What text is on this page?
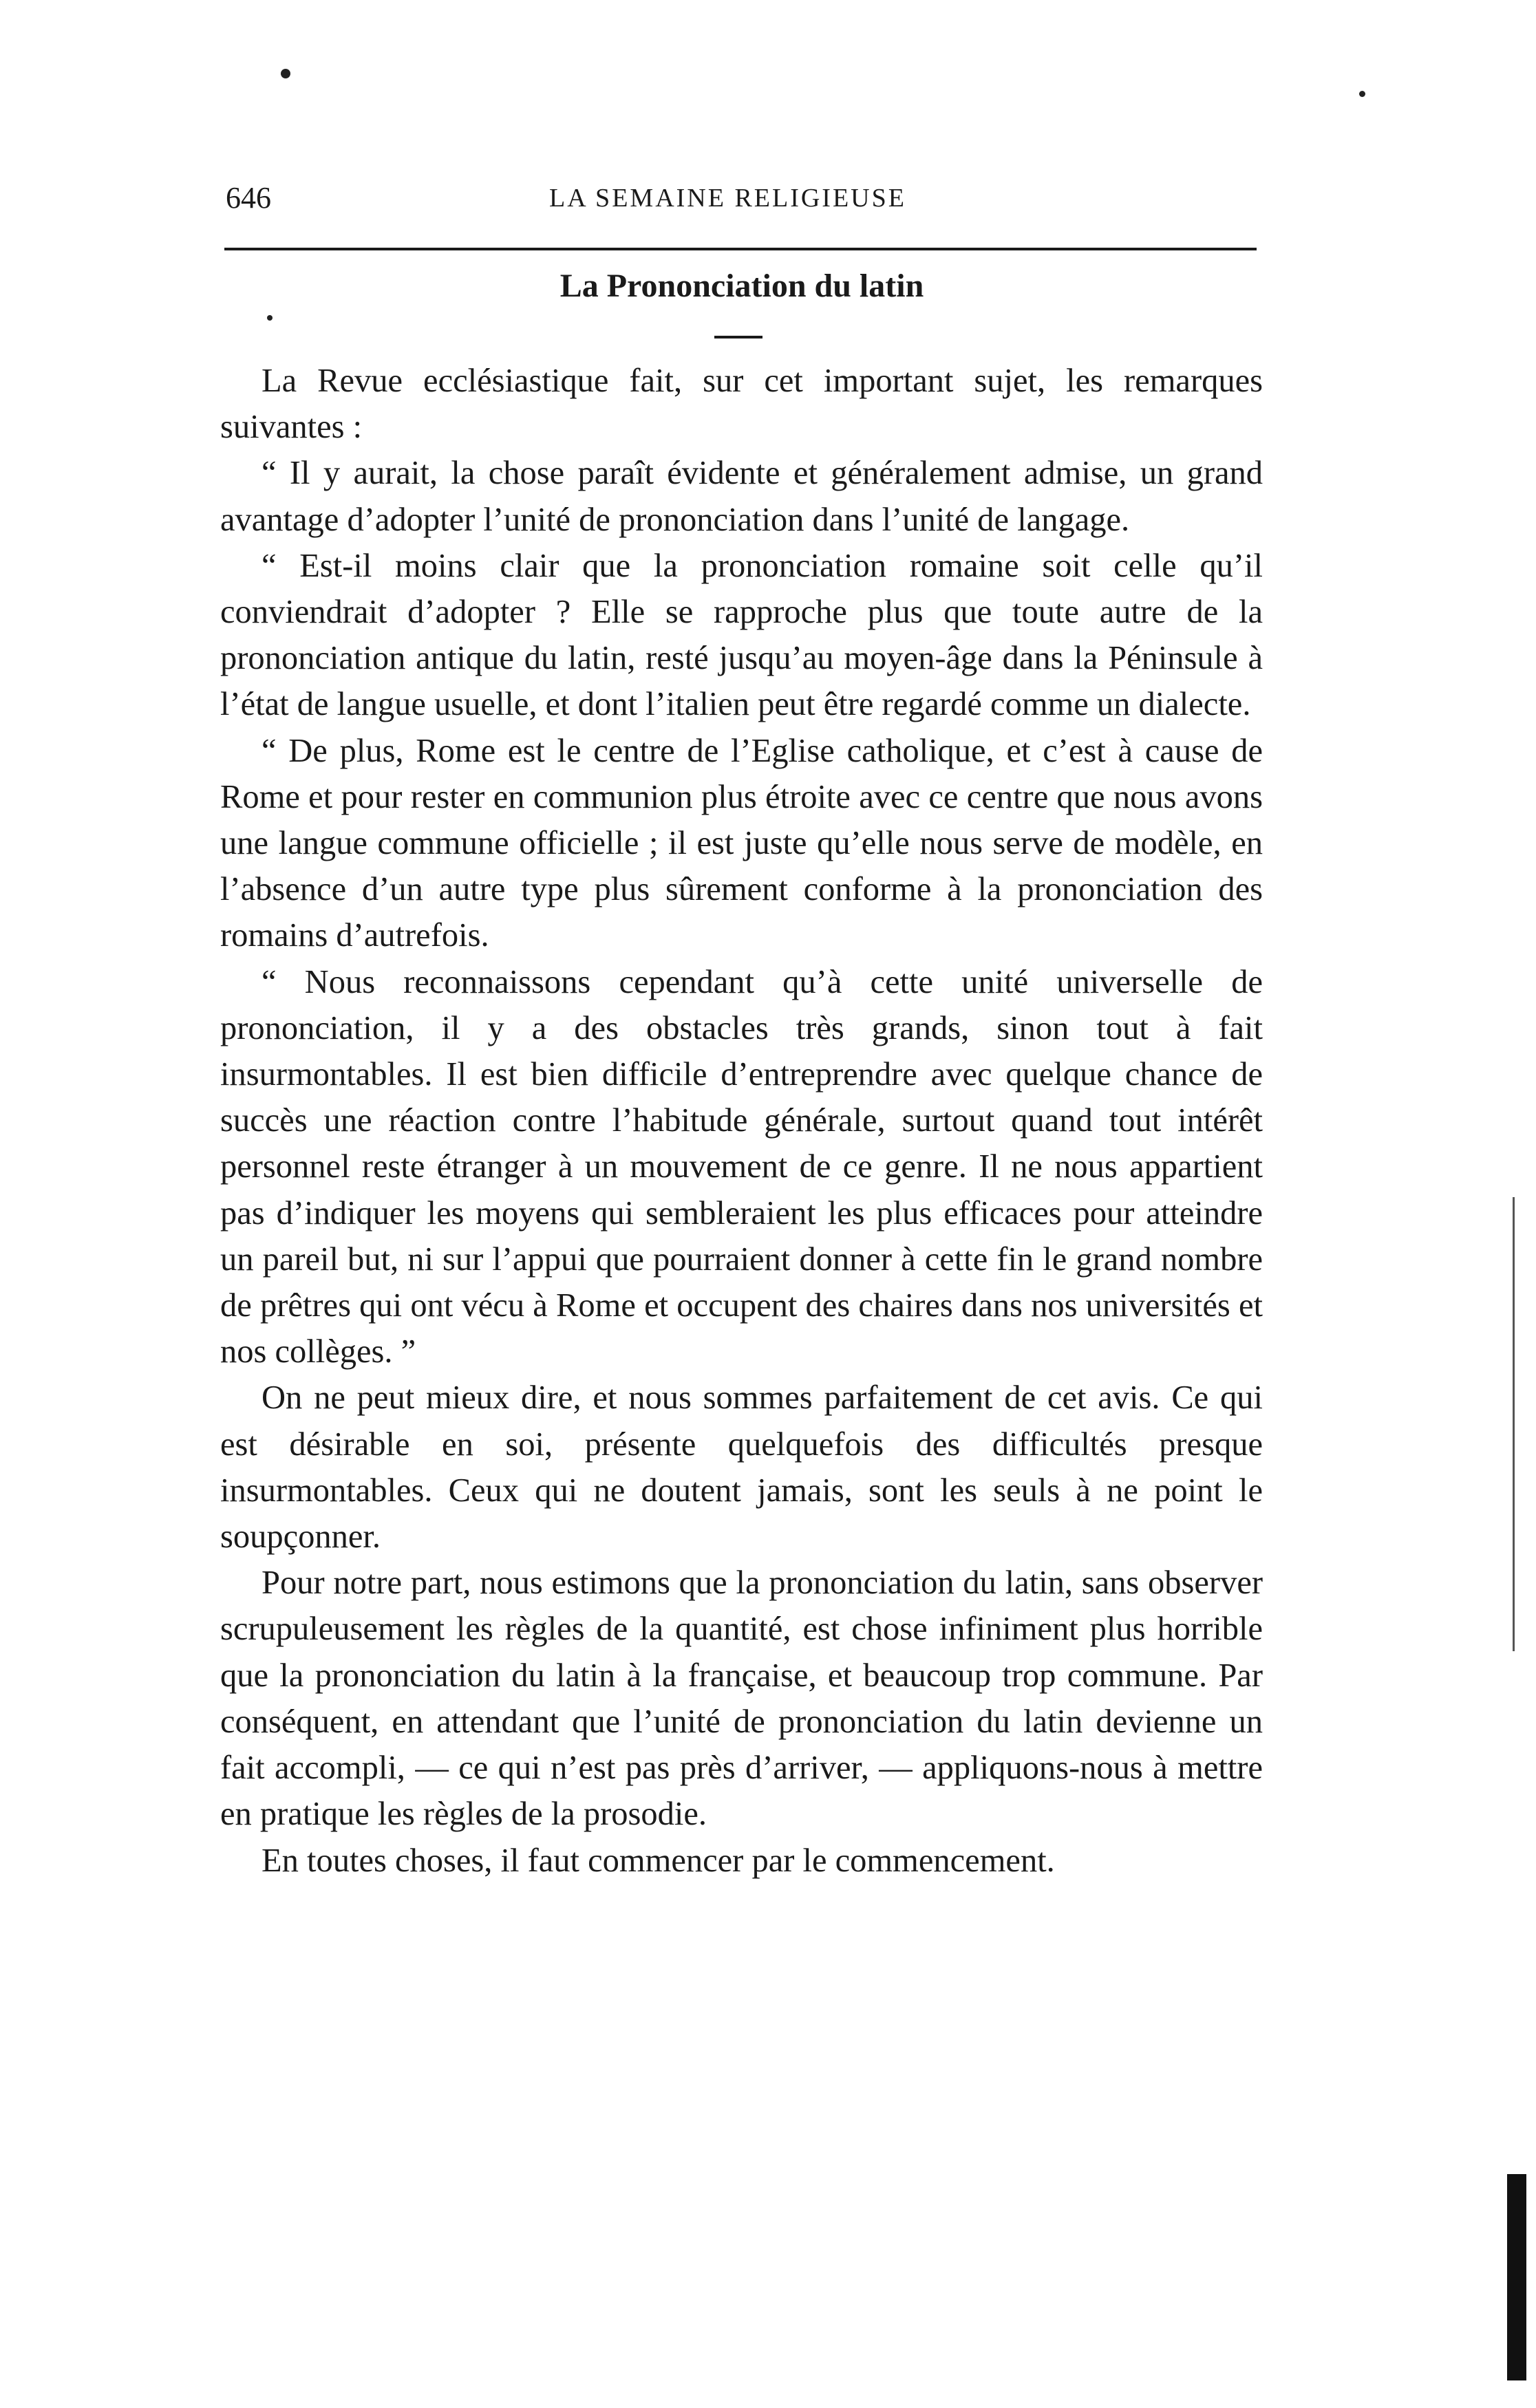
646	LA SEMAINE RELIGIEUSE
La Prononciation du latin

La Revue ecclésiastique fait, sur cet important sujet, les remarques suivantes :

“ Il y aurait, la chose paraît évidente et généralement admise, un grand avantage d’adopter l’unité de prononciation dans l’unité de langage.

“ Est-il moins clair que la prononciation romaine soit celle qu’il conviendrait d’adopter ? Elle se rapproche plus que toute autre de la prononciation antique du latin, resté jusqu’au moyen-âge dans la Péninsule à l’état de langue usuelle, et dont l’italien peut être regardé comme un dialecte.

“ De plus, Rome est le centre de l’Eglise catholique, et c’est à cause de Rome et pour rester en communion plus étroite avec ce centre que nous avons une langue commune officielle ; il est juste qu’elle nous serve de modèle, en l’absence d’un autre type plus sûrement conforme à la prononciation des romains d’autrefois.

“ Nous reconnaissons cependant qu’à cette unité universelle de prononciation, il y a des obstacles très grands, sinon tout à fait insurmontables. Il est bien difficile d’entreprendre avec quelque chance de succès une réaction contre l’habitude générale, surtout quand tout intérêt personnel reste étranger à un mouvement de ce genre. Il ne nous appartient pas d’indiquer les moyens qui sembleraient les plus efficaces pour atteindre un pareil but, ni sur l’appui que pourraient donner à cette fin le grand nombre de prêtres qui ont vécu à Rome et occupent des chaires dans nos universités et nos collèges. ”

On ne peut mieux dire, et nous sommes parfaitement de cet avis. Ce qui est désirable en soi, présente quelquefois des difficultés presque insurmontables. Ceux qui ne doutent jamais, sont les seuls à ne point le soupçonner.

Pour notre part, nous estimons que la prononciation du latin, sans observer scrupuleusement les règles de la quantité, est chose infiniment plus horrible que la prononciation du latin à la française, et beaucoup trop commune. Par conséquent, en attendant que l’unité de prononciation du latin devienne un fait accompli, — ce qui n’est pas près d’arriver, — appliquons-nous à mettre en pratique les règles de la prosodie.

En toutes choses, il faut commencer par le commencement.
